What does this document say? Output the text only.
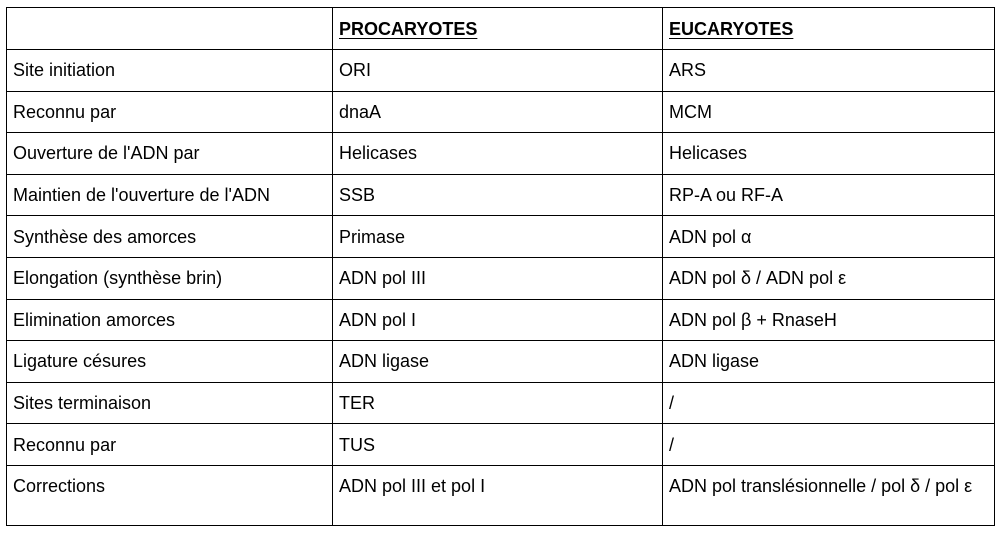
	PROCARYOTES	EUCARYOTES
Site initiation	ORI	ARS
Reconnu par	dnaA	MCM
Ouverture de l'ADN par	Helicases	Helicases
Maintien de l'ouverture de l'ADN	SSB	RP-A ou RF-A
Synthèse des amorces	Primase	ADN pol α
Elongation (synthèse brin)	ADN pol III	ADN pol δ / ADN pol ε
Elimination amorces	ADN pol I	ADN pol β + RnaseH
Ligature césures	ADN ligase	ADN ligase
Sites terminaison	TER	/
Reconnu par	TUS	/
Corrections	ADN pol III et pol I	ADN pol translésionnelle / pol δ / pol ε
